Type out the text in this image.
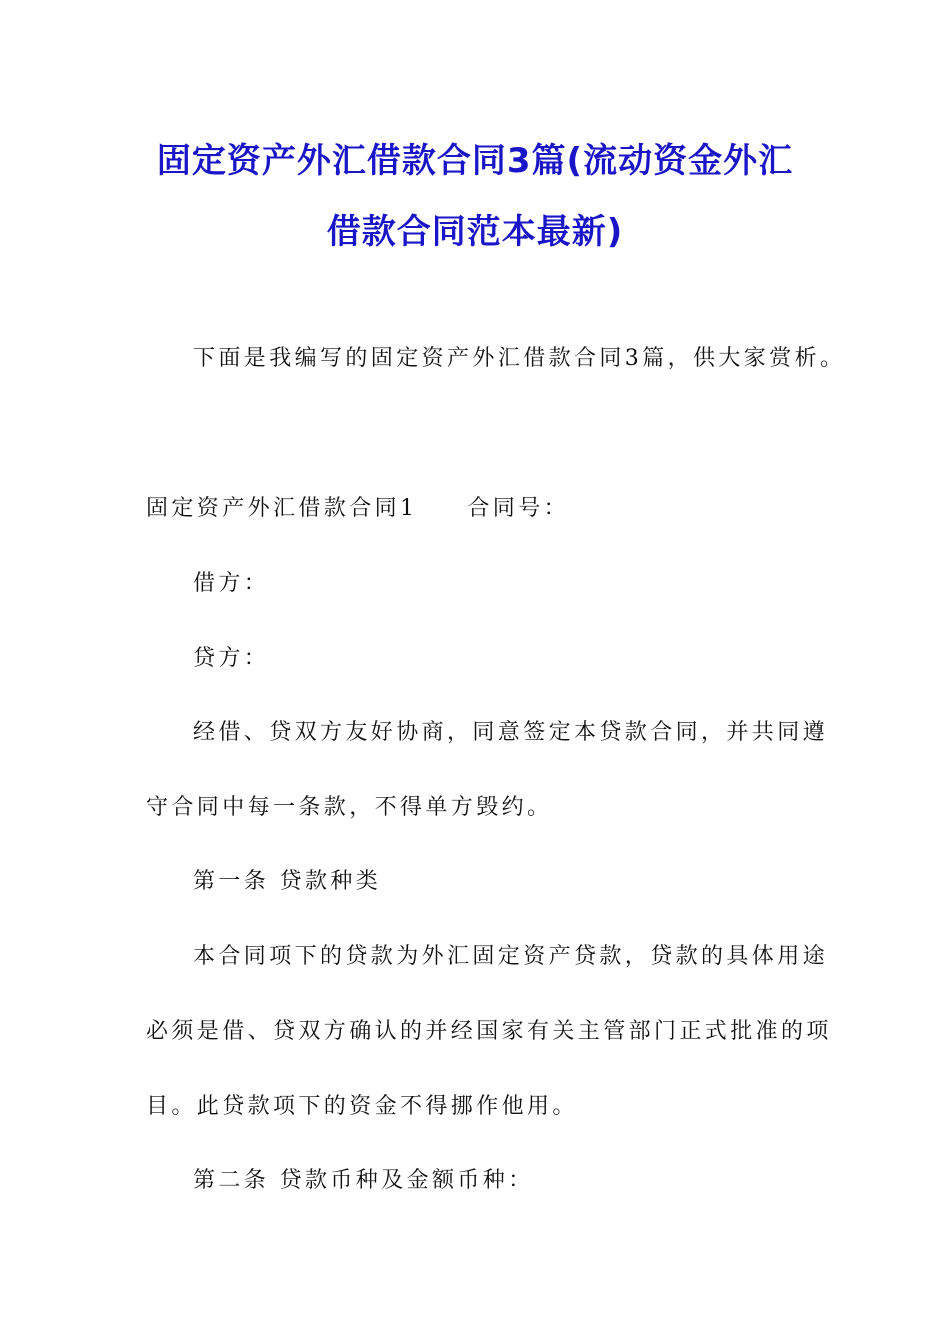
固定资产外汇借款合同3篇(流动资金外汇
借款合同范本最新)
下面是我编写的固定资产外汇借款合同3篇，供大家赏析。
固定资产外汇借款合同1 合同号：
借方：
贷方：
经借、贷双方友好协商，同意签定本贷款合同，并共同遵
守合同中每一条款，不得单方毁约。
第一条 贷款种类
本合同项下的贷款为外汇固定资产贷款，贷款的具体用途
必须是借、贷双方确认的并经国家有关主管部门正式批准的项
目。此贷款项下的资金不得挪作他用。
第二条 贷款币种及金额币种：
